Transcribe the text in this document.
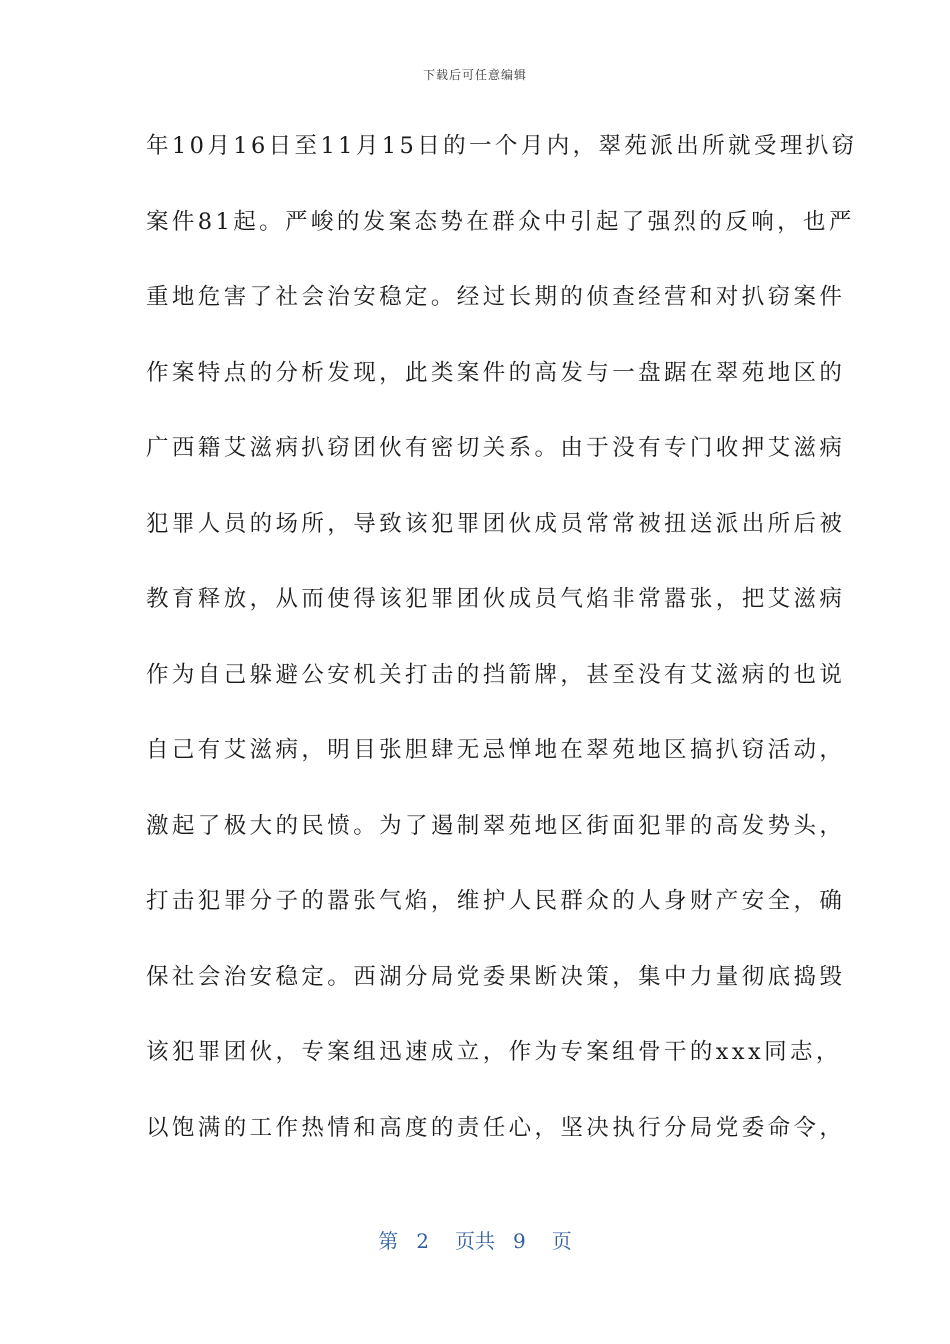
下载后可任意编辑
年10月16日至11月15日的一个月内，翠苑派出所就受理扒窃
案件81起。严峻的发案态势在群众中引起了强烈的反响，也严
重地危害了社会治安稳定。经过长期的侦查经营和对扒窃案件
作案特点的分析发现，此类案件的高发与一盘踞在翠苑地区的
广西籍艾滋病扒窃团伙有密切关系。由于没有专门收押艾滋病
犯罪人员的场所，导致该犯罪团伙成员常常被扭送派出所后被
教育释放，从而使得该犯罪团伙成员气焰非常嚣张，把艾滋病
作为自己躲避公安机关打击的挡箭牌，甚至没有艾滋病的也说
自己有艾滋病，明目张胆肆无忌惮地在翠苑地区搞扒窃活动，
激起了极大的民愤。为了遏制翠苑地区街面犯罪的高发势头，
打击犯罪分子的嚣张气焰，维护人民群众的人身财产安全，确
保社会治安稳定。西湖分局党委果断决策，集中力量彻底捣毁
该犯罪团伙，专案组迅速成立，作为专案组骨干的xxx同志，
以饱满的工作热情和高度的责任心，坚决执行分局党委命令，
第 2 页共 9 页
